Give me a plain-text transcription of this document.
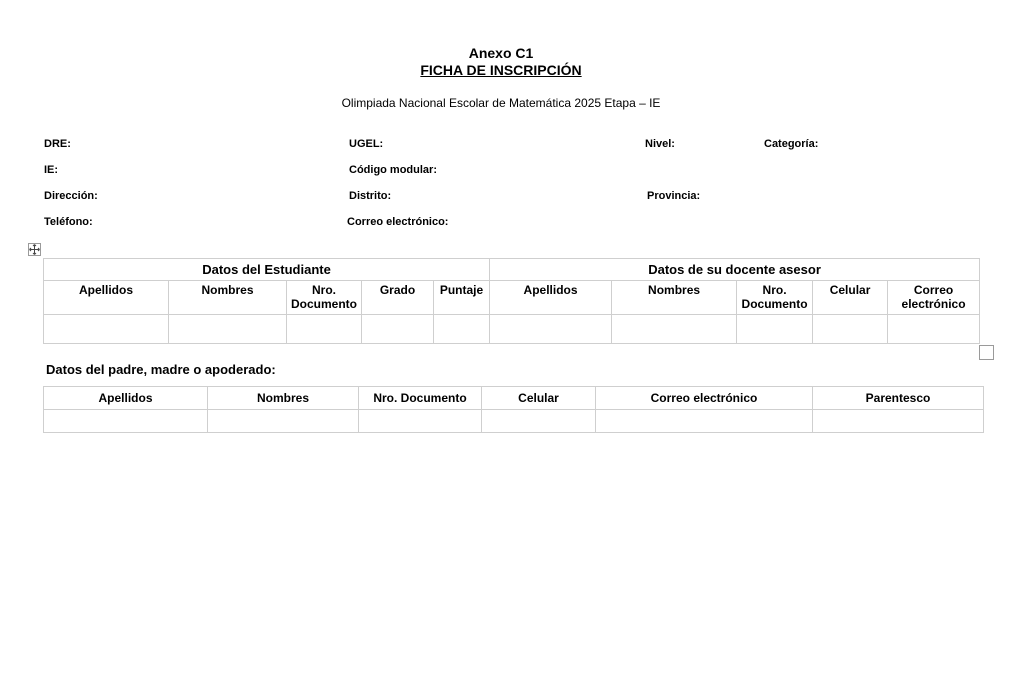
Anexo C1
FICHA DE INSCRIPCIÓN
Olimpiada Nacional Escolar de Matemática 2025 Etapa – IE
DRE:	UGEL:	Nivel:	Categoría:
IE:	Código modular:
Dirección:	Distrito:	Provincia:
Teléfono:	Correo electrónico:
Datos del Estudiante					Datos de su docente asesor				
Apellidos	Nombres	Nro. Documento	Grado	Puntaje	Apellidos	Nombres	Nro. Documento	Celular	Correo electrónico

Datos del padre, madre o apoderado:
Apellidos	Nombres	Nro. Documento	Celular	Correo electrónico	Parentesco
